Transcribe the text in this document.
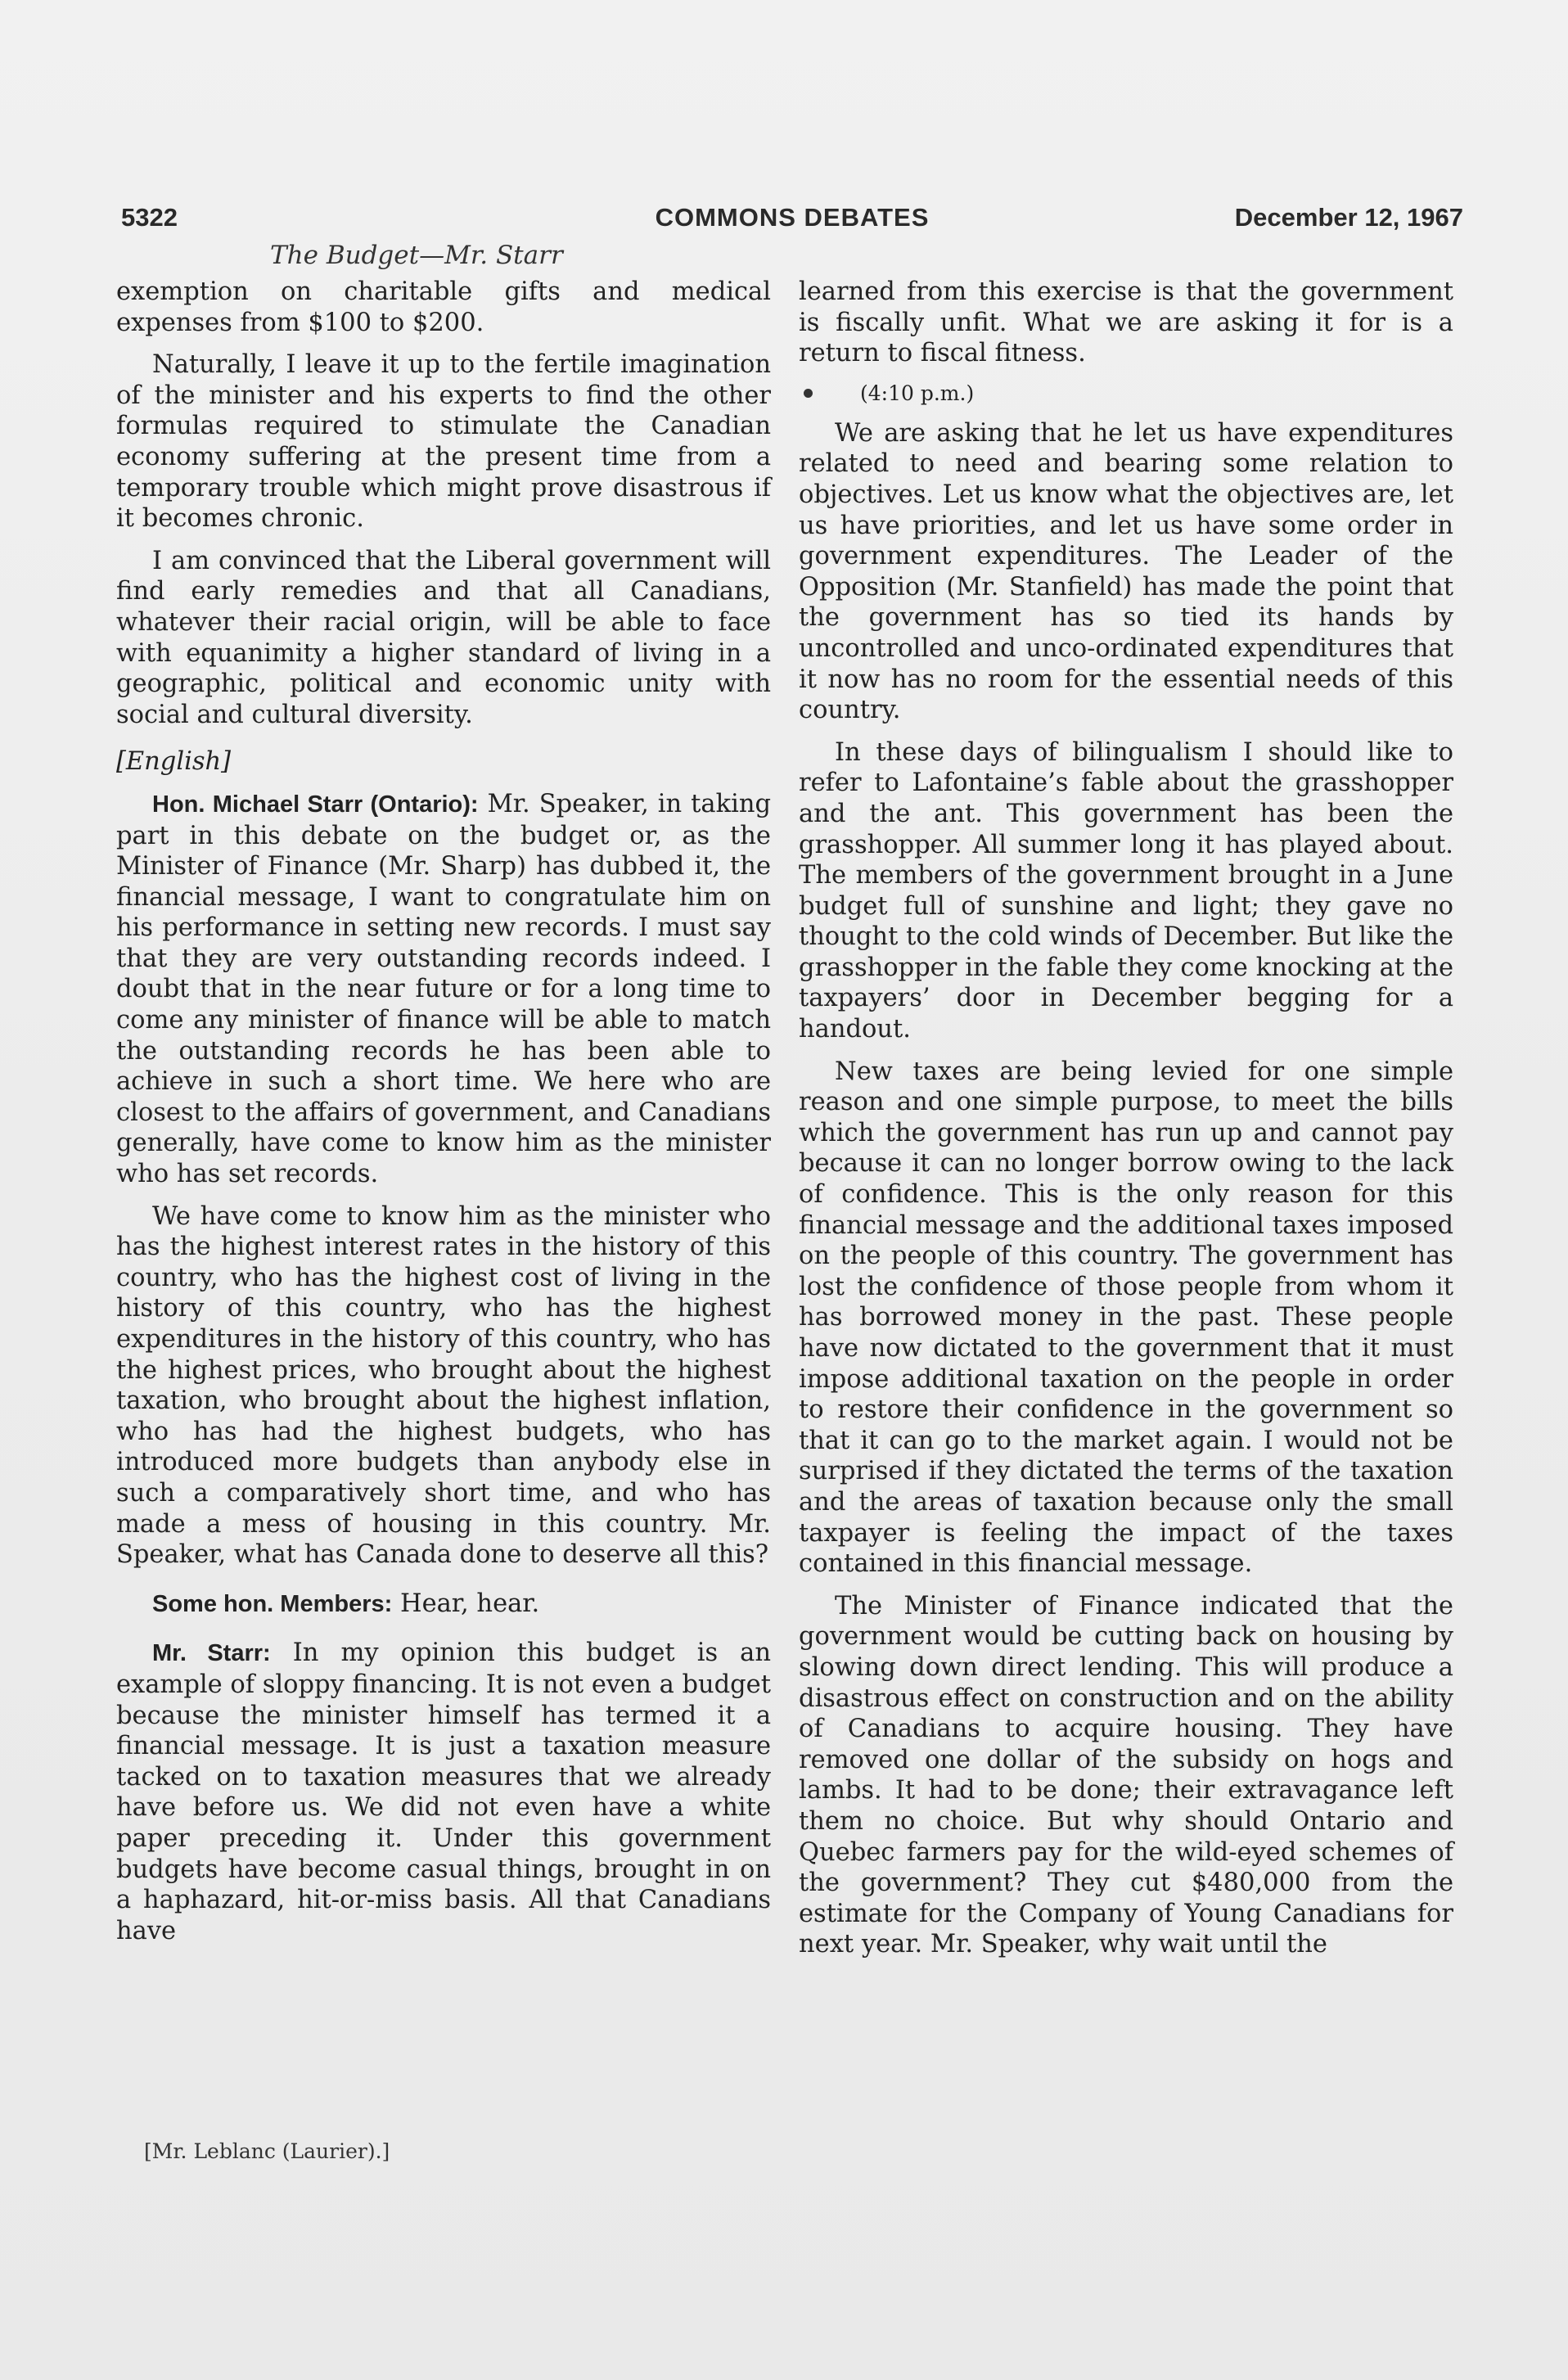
5322	COMMONS DEBATES	December 12, 1967
The Budget—Mr. Starr

exemption on charitable gifts and medical expenses from $100 to $200.

Naturally, I leave it up to the fertile imagination of the minister and his experts to find the other formulas required to stimulate the Canadian economy suffering at the present time from a temporary trouble which might prove disastrous if it becomes chronic.

I am convinced that the Liberal government will find early remedies and that all Canadians, whatever their racial origin, will be able to face with equanimity a higher standard of living in a geographic, political and economic unity with social and cultural diversity.

[English]

Hon. Michael Starr (Ontario): Mr. Speaker, in taking part in this debate on the budget or, as the Minister of Finance (Mr. Sharp) has dubbed it, the financial message, I want to congratulate him on his performance in setting new records. I must say that they are very outstanding records indeed. I doubt that in the near future or for a long time to come any minister of finance will be able to match the outstanding records he has been able to achieve in such a short time. We here who are closest to the affairs of government, and Canadians generally, have come to know him as the minister who has set records.

We have come to know him as the minister who has the highest interest rates in the history of this country, who has the highest cost of living in the history of this country, who has the highest expenditures in the history of this country, who has the highest prices, who brought about the highest taxation, who brought about the highest inflation, who has had the highest budgets, who has introduced more budgets than anybody else in such a comparatively short time, and who has made a mess of housing in this country. Mr. Speaker, what has Canada done to deserve all this?

Some hon. Members: Hear, hear.

Mr. Starr: In my opinion this budget is an example of sloppy financing. It is not even a budget because the minister himself has termed it a financial message. It is just a taxation measure tacked on to taxation measures that we already have before us. We did not even have a white paper preceding it. Under this government budgets have become casual things, brought in on a haphazard, hit-or-miss basis. All that Canadians have

[Mr. Leblanc (Laurier).]

learned from this exercise is that the government is fiscally unfit. What we are asking it for is a return to fiscal fitness.

(4:10 p.m.)

We are asking that he let us have expenditures related to need and bearing some relation to objectives. Let us know what the objectives are, let us have priorities, and let us have some order in government expenditures. The Leader of the Opposition (Mr. Stanfield) has made the point that the government has so tied its hands by uncontrolled and unco-ordinated expenditures that it now has no room for the essential needs of this country.

In these days of bilingualism I should like to refer to Lafontaine’s fable about the grasshopper and the ant. This government has been the grasshopper. All summer long it has played about. The members of the government brought in a June budget full of sunshine and light; they gave no thought to the cold winds of December. But like the grasshopper in the fable they come knocking at the taxpayers’ door in December begging for a handout.

New taxes are being levied for one simple reason and one simple purpose, to meet the bills which the government has run up and cannot pay because it can no longer borrow owing to the lack of confidence. This is the only reason for this financial message and the additional taxes imposed on the people of this country. The government has lost the confidence of those people from whom it has borrowed money in the past. These people have now dictated to the government that it must impose additional taxation on the people in order to restore their confidence in the government so that it can go to the market again. I would not be surprised if they dictated the terms of the taxation and the areas of taxation because only the small taxpayer is feeling the impact of the taxes contained in this financial message.

The Minister of Finance indicated that the government would be cutting back on housing by slowing down direct lending. This will produce a disastrous effect on construction and on the ability of Canadians to acquire housing. They have removed one dollar of the subsidy on hogs and lambs. It had to be done; their extravagance left them no choice. But why should Ontario and Quebec farmers pay for the wild-eyed schemes of the government? They cut $480,000 from the estimate for the Company of Young Canadians for next year. Mr. Speaker, why wait until the
